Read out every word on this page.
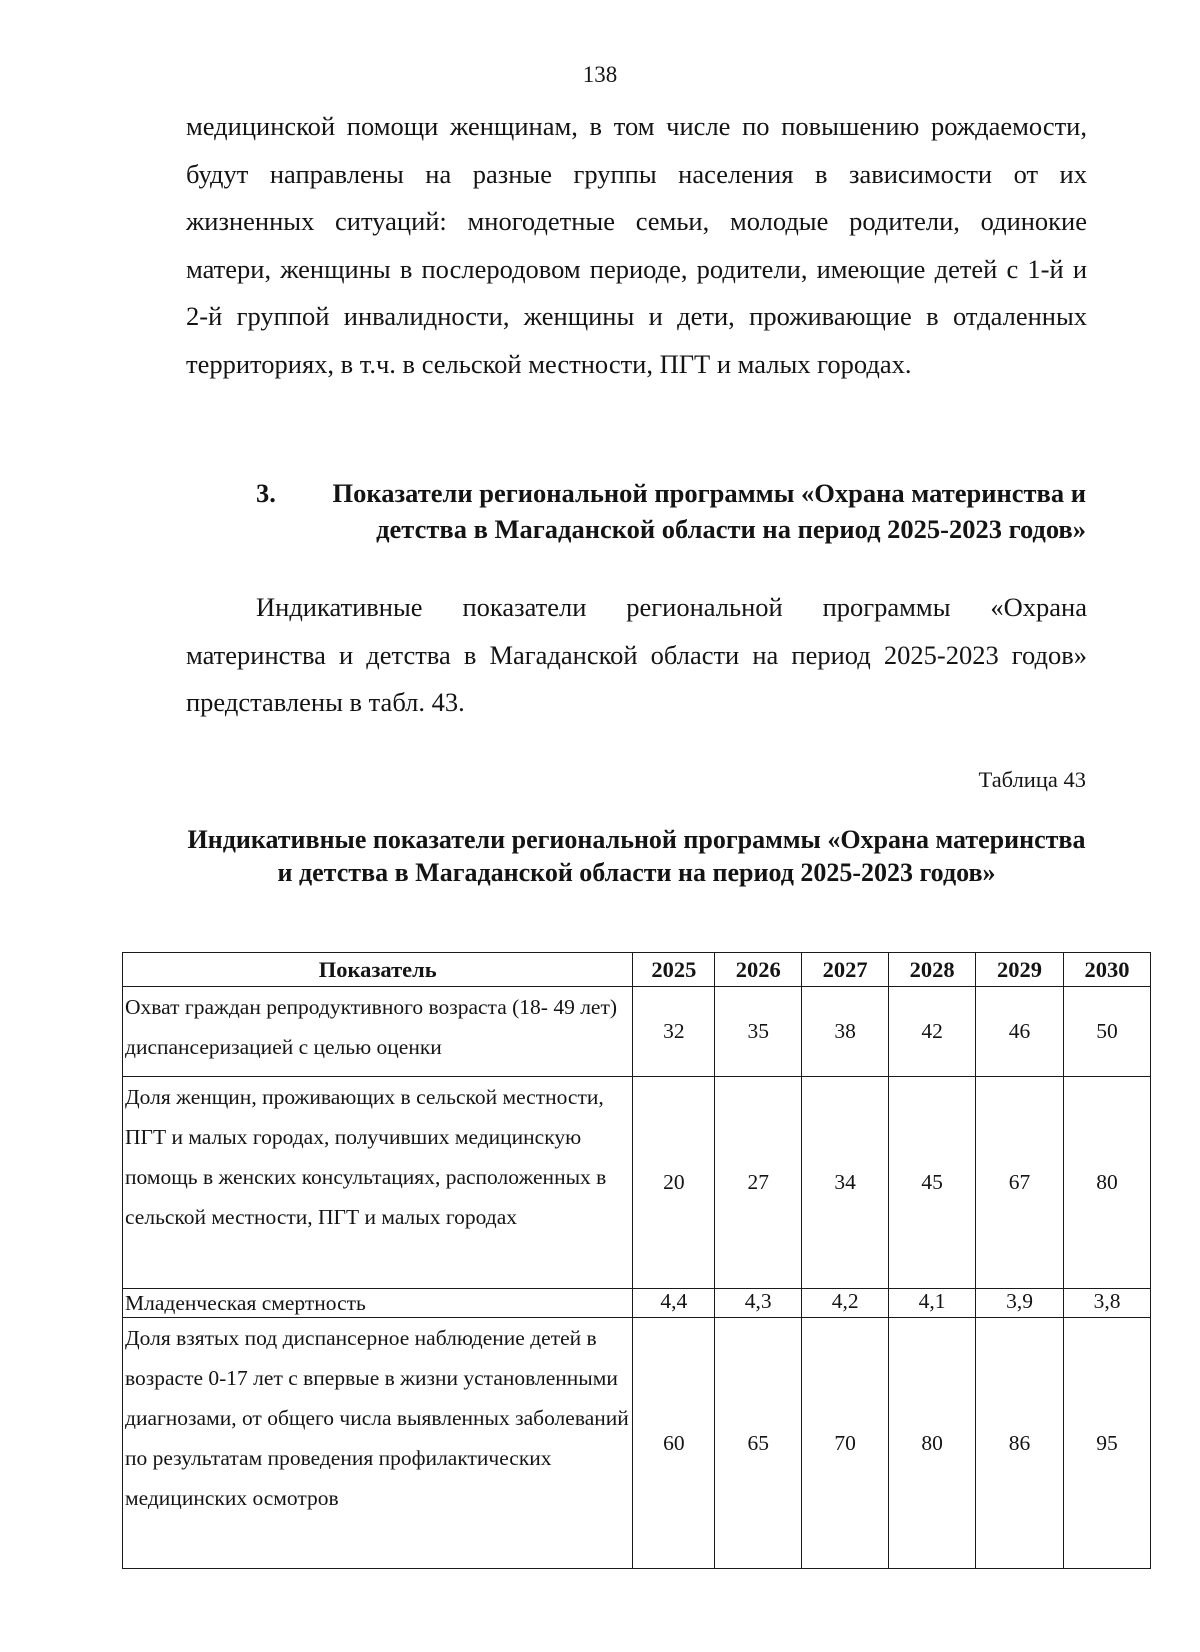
138

медицинской помощи женщинам, в том числе по повышению рождаемости, будут направлены на разные группы населения в зависимости от их жизненных ситуаций: многодетные семьи, молодые родители, одинокие матери, женщины в послеродовом периоде, родители, имеющие детей с 1-й и 2-й группой инвалидности, женщины и дети, проживающие в отдаленных территориях, в т.ч. в сельской местности, ПГТ и малых городах.

3.	Показатели региональной программы «Охрана материнства и детства в Магаданской области на период 2025-2023 годов»

Индикативные показатели региональной программы «Охрана материнства и детства в Магаданской области на период 2025-2023 годов» представлены в табл. 43.

Таблица 43

Индикативные показатели региональной программы «Охрана материнства и детства в Магаданской области на период 2025-2023 годов»

Показатель	2025	2026	2027	2028	2029	2030
Охват граждан репродуктивного возраста (18- 49 лет) диспансеризацией с целью оценки	32	35	38	42	46	50
Доля женщин, проживающих в сельской местности, ПГТ и малых городах, получивших медицинскую помощь в женских консультациях, расположенных в сельской местности, ПГТ и малых городах	20	27	34	45	67	80
Младенческая смертность	4,4	4,3	4,2	4,1	3,9	3,8
Доля взятых под диспансерное наблюдение детей в возрасте 0-17 лет с впервые в жизни установленными диагнозами, от общего числа выявленных заболеваний по результатам проведения профилактических медицинских осмотров	60	65	70	80	86	95
